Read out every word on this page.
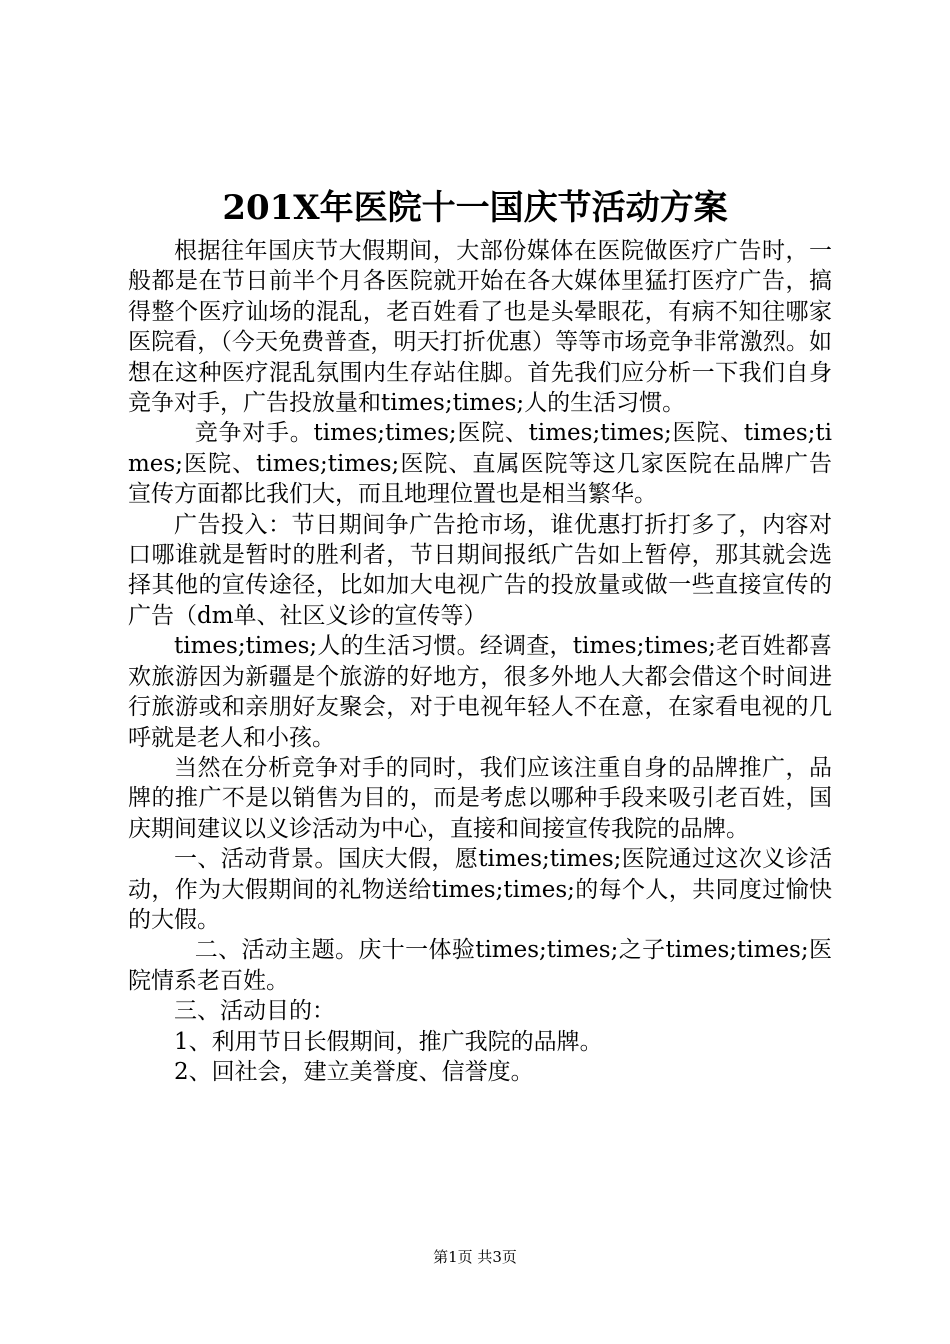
201X年医院十一国庆节活动方案

根据往年国庆节大假期间，大部份媒体在医院做医疗广告时，一般都是在节日前半个月各医院就开始在各大媒体里猛打医疗广告，搞得整个医疗讪场的混乱，老百姓看了也是头晕眼花，有病不知往哪家医院看，（今天免费普查，明天打折优惠）等等市场竞争非常激烈。如想在这种医疗混乱氛围内生存站住脚。首先我们应分析一下我们自身竞争对手，广告投放量和times;times;人的生活习惯。

竞争对手。times;times;医院、times;times;医院、times;times;医院、times;times;医院、直属医院等这几家医院在品牌广告宣传方面都比我们大，而且地理位置也是相当繁华。

广告投入：节日期间争广告抢市场，谁优惠打折打多了，内容对口哪谁就是暂时的胜利者，节日期间报纸广告如上暂停，那其就会选择其他的宣传途径，比如加大电视广告的投放量或做一些直接宣传的广告（dm单、社区义诊的宣传等）

times;times;人的生活习惯。经调查，times;times;老百姓都喜欢旅游因为新疆是个旅游的好地方，很多外地人大都会借这个时间进行旅游或和亲朋好友聚会，对于电视年轻人不在意，在家看电视的几呼就是老人和小孩。

当然在分析竞争对手的同时，我们应该注重自身的品牌推广，品牌的推广不是以销售为目的，而是考虑以哪种手段来吸引老百姓，国庆期间建议以义诊活动为中心，直接和间接宣传我院的品牌。

一、活动背景。国庆大假，愿times;times;医院通过这次义诊活动，作为大假期间的礼物送给times;times;的每个人，共同度过愉快的大假。

二、活动主题。庆十一体验times;times;之子times;times;医院情系老百姓。

三、活动目的：

1、利用节日长假期间，推广我院的品牌。

2、回社会，建立美誉度、信誉度。

第1页 共3页
